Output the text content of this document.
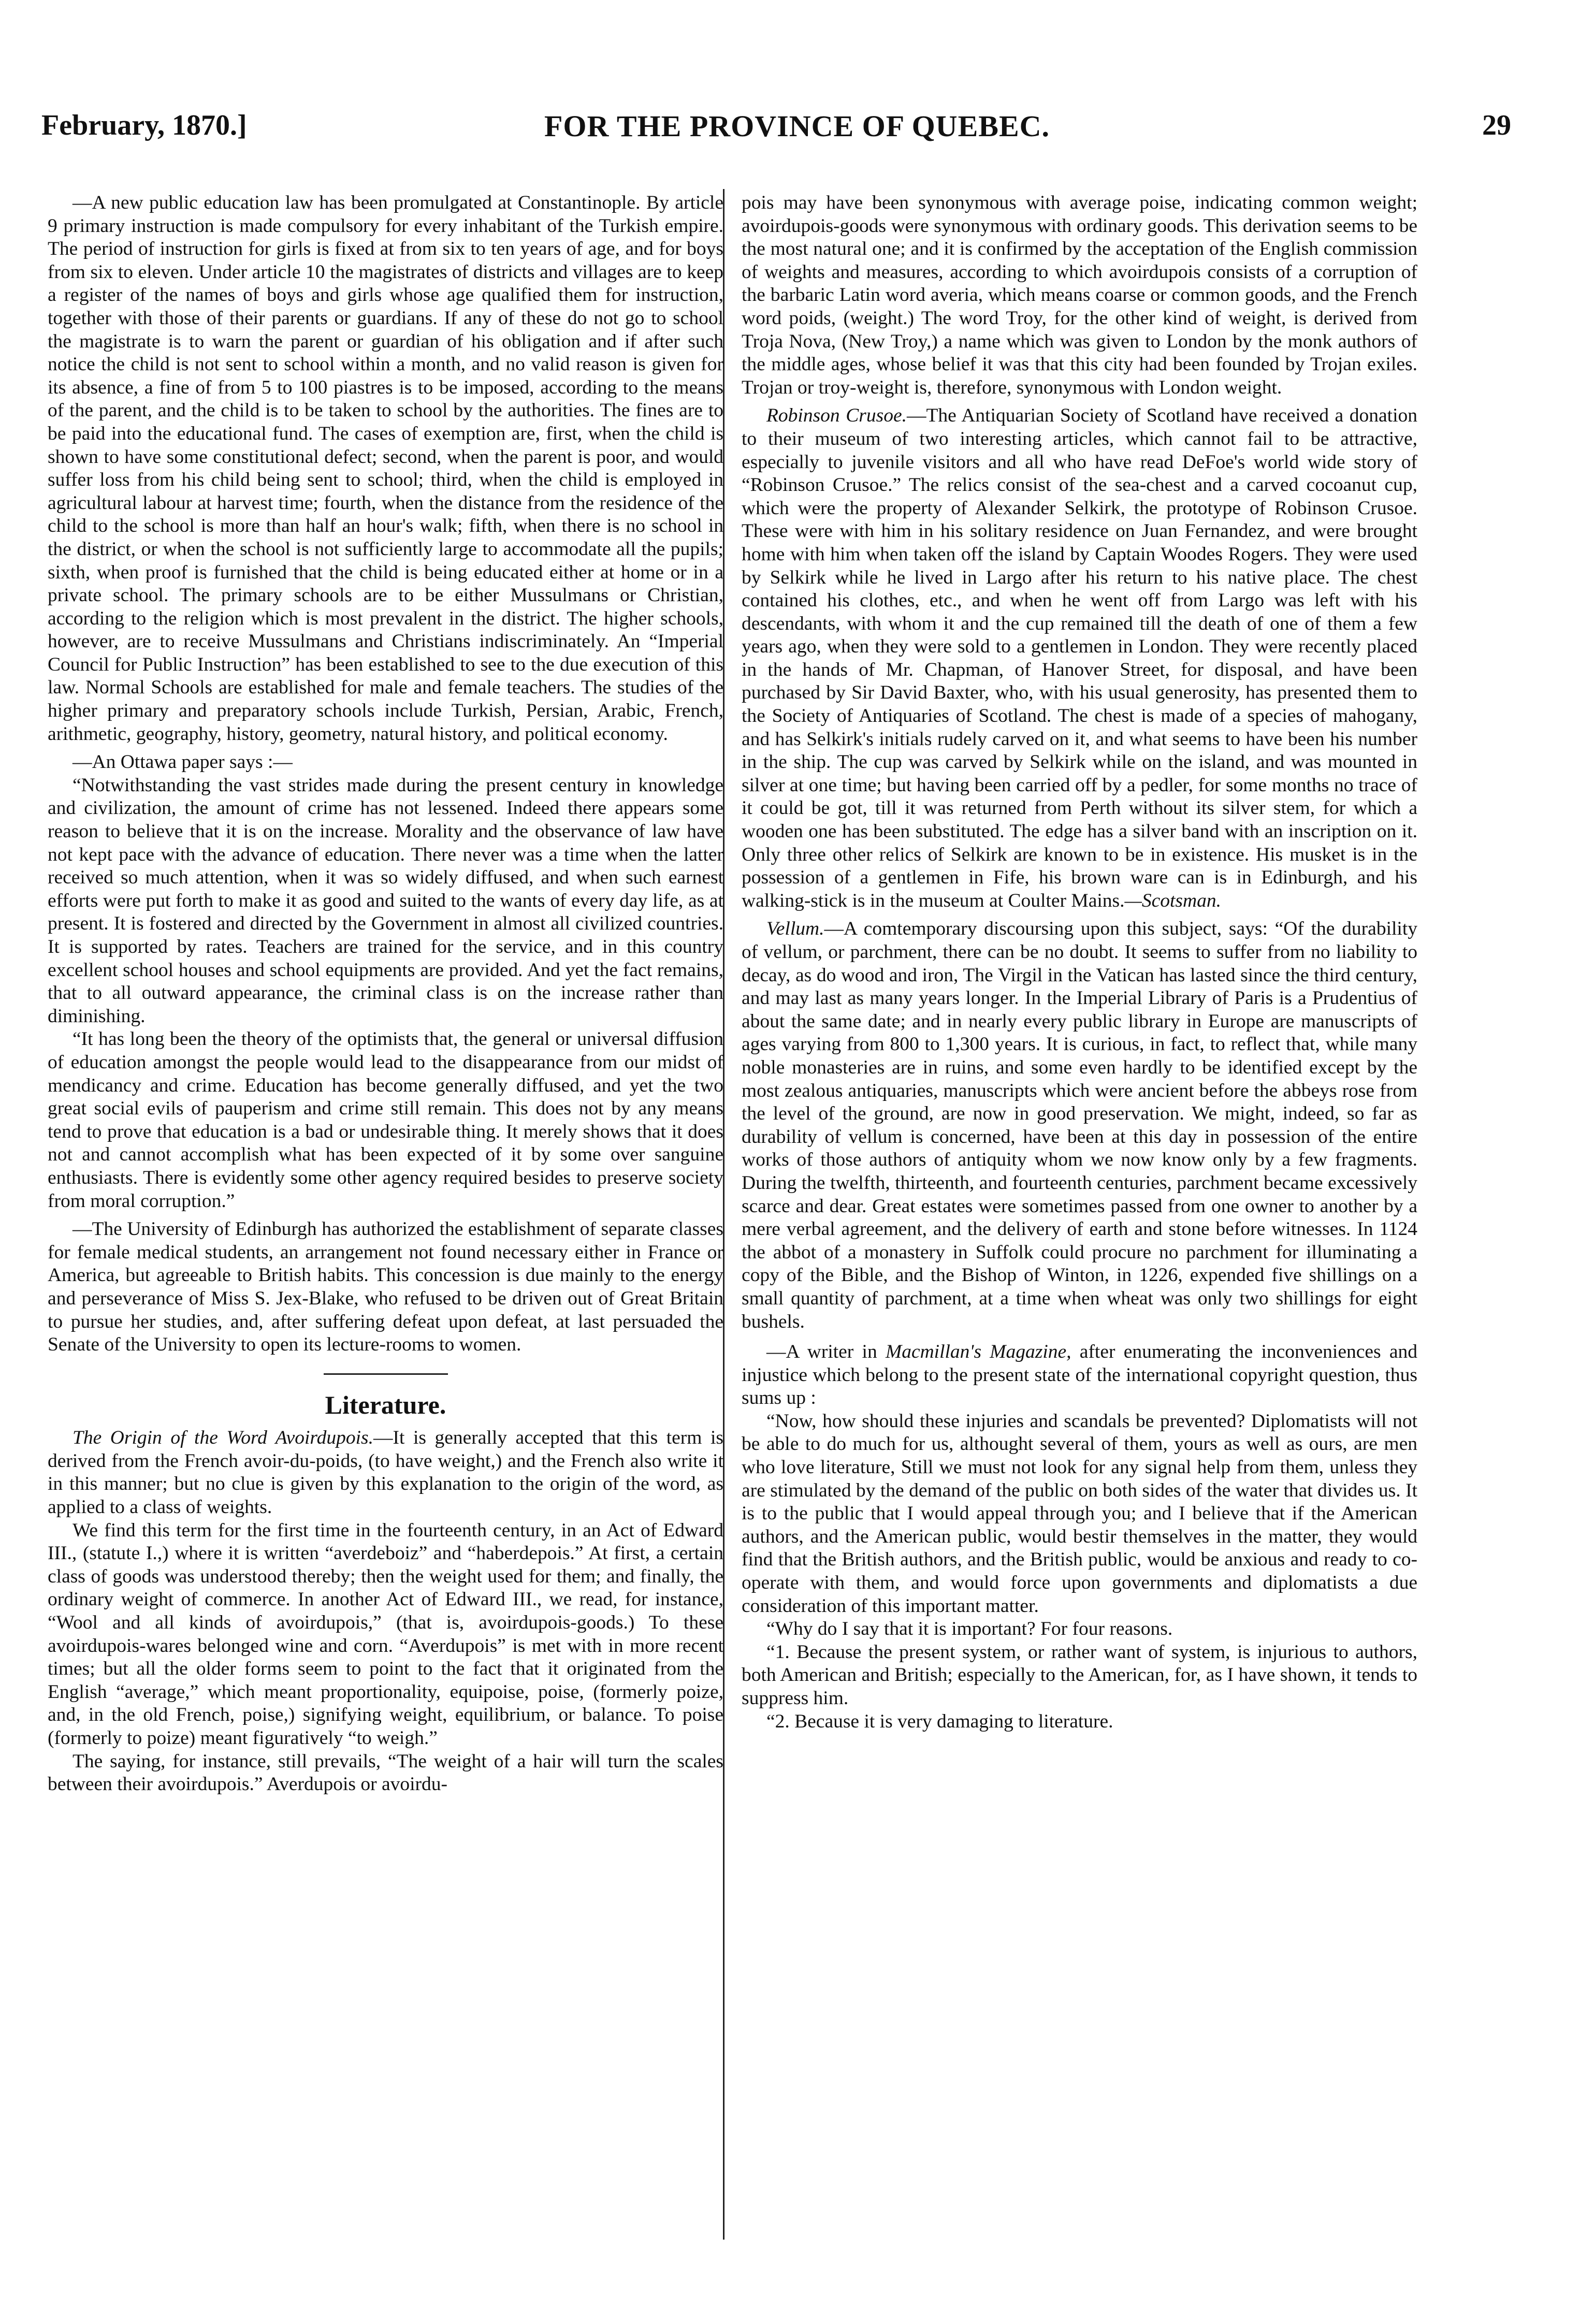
February, 1870.]	FOR THE PROVINCE OF QUEBEC.	29

—A new public education law has been promulgated at Constantinople. By article 9 primary instruction is made compulsory for every inhabitant of the Turkish empire. The period of instruction for girls is fixed at from six to ten years of age, and for boys from six to eleven. Under article 10 the magistrates of districts and villages are to keep a register of the names of boys and girls whose age qualified them for instruction, together with those of their parents or guardians. If any of these do not go to school the magistrate is to warn the parent or guardian of his obligation and if after such notice the child is not sent to school within a month, and no valid reason is given for its absence, a fine of from 5 to 100 piastres is to be imposed, according to the means of the parent, and the child is to be taken to school by the authorities. The fines are to be paid into the educational fund. The cases of exemption are, first, when the child is shown to have some constitutional defect; second, when the parent is poor, and would suffer loss from his child being sent to school; third, when the child is employed in agricultural labour at harvest time; fourth, when the distance from the residence of the child to the school is more than half an hour's walk; fifth, when there is no school in the district, or when the school is not sufficiently large to accommodate all the pupils; sixth, when proof is furnished that the child is being educated either at home or in a private school. The primary schools are to be either Mussulmans or Christian, according to the religion which is most prevalent in the district. The higher schools, however, are to receive Mussulmans and Christians indiscriminately. An “Imperial Council for Public Instruction” has been established to see to the due execution of this law. Normal Schools are established for male and female teachers. The studies of the higher primary and preparatory schools include Turkish, Persian, Arabic, French, arithmetic, geography, history, geometry, natural history, and political economy.

—An Ottawa paper says :—

“Notwithstanding the vast strides made during the present century in knowledge and civilization, the amount of crime has not lessened. Indeed there appears some reason to believe that it is on the increase. Morality and the observance of law have not kept pace with the advance of education. There never was a time when the latter received so much attention, when it was so widely diffused, and when such earnest efforts were put forth to make it as good and suited to the wants of every day life, as at present. It is fostered and directed by the Government in almost all civilized countries. It is supported by rates. Teachers are trained for the service, and in this country excellent school houses and school equipments are provided. And yet the fact remains, that to all outward appearance, the criminal class is on the increase rather than diminishing.

“It has long been the theory of the optimists that, the general or universal diffusion of education amongst the people would lead to the disappearance from our midst of mendicancy and crime. Education has become generally diffused, and yet the two great social evils of pauperism and crime still remain. This does not by any means tend to prove that education is a bad or undesirable thing. It merely shows that it does not and cannot accomplish what has been expected of it by some over sanguine enthusiasts. There is evidently some other agency required besides to preserve society from moral corruption.”

—The University of Edinburgh has authorized the establishment of separate classes for female medical students, an arrangement not found necessary either in France or America, but agreeable to British habits. This concession is due mainly to the energy and perseverance of Miss S. Jex-Blake, who refused to be driven out of Great Britain to pursue her studies, and, after suffering defeat upon defeat, at last persuaded the Senate of the University to open its lecture-rooms to women.

Literature.

The Origin of the Word Avoirdupois.—It is generally accepted that this term is derived from the French avoir-du-poids, (to have weight,) and the French also write it in this manner; but no clue is given by this explanation to the origin of the word, as applied to a class of weights.

We find this term for the first time in the fourteenth century, in an Act of Edward III., (statute I.,) where it is written “averdeboiz” and “haberdepois.” At first, a certain class of goods was understood thereby; then the weight used for them; and finally, the ordinary weight of commerce. In another Act of Edward III., we read, for instance, “Wool and all kinds of avoirdupois,” (that is, avoirdupois-goods.) To these avoirdupois-wares belonged wine and corn. “Averdupois” is met with in more recent times; but all the older forms seem to point to the fact that it originated from the English “average,” which meant proportionality, equipoise, poise, (formerly poize, and, in the old French, poise,) signifying weight, equilibrium, or balance. To poise (formerly to poize) meant figuratively “to weigh.”

The saying, for instance, still prevails, “The weight of a hair will turn the scales between their avoirdupois.” Averdupois or avoirdu-

pois may have been synonymous with average poise, indicating common weight; avoirdupois-goods were synonymous with ordinary goods. This derivation seems to be the most natural one; and it is confirmed by the acceptation of the English commission of weights and measures, according to which avoirdupois consists of a corruption of the barbaric Latin word averia, which means coarse or common goods, and the French word poids, (weight.) The word Troy, for the other kind of weight, is derived from Troja Nova, (New Troy,) a name which was given to London by the monk authors of the middle ages, whose belief it was that this city had been founded by Trojan exiles. Trojan or troy-weight is, therefore, synonymous with London weight.

Robinson Crusoe.—The Antiquarian Society of Scotland have received a donation to their museum of two interesting articles, which cannot fail to be attractive, especially to juvenile visitors and all who have read DeFoe's world wide story of “Robinson Crusoe.” The relics consist of the sea-chest and a carved cocoanut cup, which were the property of Alexander Selkirk, the prototype of Robinson Crusoe. These were with him in his solitary residence on Juan Fernandez, and were brought home with him when taken off the island by Captain Woodes Rogers. They were used by Selkirk while he lived in Largo after his return to his native place. The chest contained his clothes, etc., and when he went off from Largo was left with his descendants, with whom it and the cup remained till the death of one of them a few years ago, when they were sold to a gentlemen in London. They were recently placed in the hands of Mr. Chapman, of Hanover Street, for disposal, and have been purchased by Sir David Baxter, who, with his usual generosity, has presented them to the Society of Antiquaries of Scotland. The chest is made of a species of mahogany, and has Selkirk's initials rudely carved on it, and what seems to have been his number in the ship. The cup was carved by Selkirk while on the island, and was mounted in silver at one time; but having been carried off by a pedler, for some months no trace of it could be got, till it was returned from Perth without its silver stem, for which a wooden one has been substituted. The edge has a silver band with an inscription on it. Only three other relics of Selkirk are known to be in existence. His musket is in the possession of a gentlemen in Fife, his brown ware can is in Edinburgh, and his walking-stick is in the museum at Coulter Mains.—Scotsman.

Vellum.—A comtemporary discoursing upon this subject, says: “Of the durability of vellum, or parchment, there can be no doubt. It seems to suffer from no liability to decay, as do wood and iron, The Virgil in the Vatican has lasted since the third century, and may last as many years longer. In the Imperial Library of Paris is a Prudentius of about the same date; and in nearly every public library in Europe are manuscripts of ages varying from 800 to 1,300 years. It is curious, in fact, to reflect that, while many noble monasteries are in ruins, and some even hardly to be identified except by the most zealous antiquaries, manuscripts which were ancient before the abbeys rose from the level of the ground, are now in good preservation. We might, indeed, so far as durability of vellum is concerned, have been at this day in possession of the entire works of those authors of antiquity whom we now know only by a few fragments. During the twelfth, thirteenth, and fourteenth centuries, parchment became excessively scarce and dear. Great estates were sometimes passed from one owner to another by a mere verbal agreement, and the delivery of earth and stone before witnesses. In 1124 the abbot of a monastery in Suffolk could procure no parchment for illuminating a copy of the Bible, and the Bishop of Winton, in 1226, expended five shillings on a small quantity of parchment, at a time when wheat was only two shillings for eight bushels.

—A writer in Macmillan's Magazine, after enumerating the inconveniences and injustice which belong to the present state of the international copyright question, thus sums up :

“Now, how should these injuries and scandals be prevented? Diplomatists will not be able to do much for us, althought several of them, yours as well as ours, are men who love literature, Still we must not look for any signal help from them, unless they are stimulated by the demand of the public on both sides of the water that divides us. It is to the public that I would appeal through you; and I believe that if the American authors, and the American public, would bestir themselves in the matter, they would find that the British authors, and the British public, would be anxious and ready to co-operate with them, and would force upon governments and diplomatists a due consideration of this important matter.

“Why do I say that it is important? For four reasons.

“1. Because the present system, or rather want of system, is injurious to authors, both American and British; especially to the American, for, as I have shown, it tends to suppress him.

“2. Because it is very damaging to literature.
